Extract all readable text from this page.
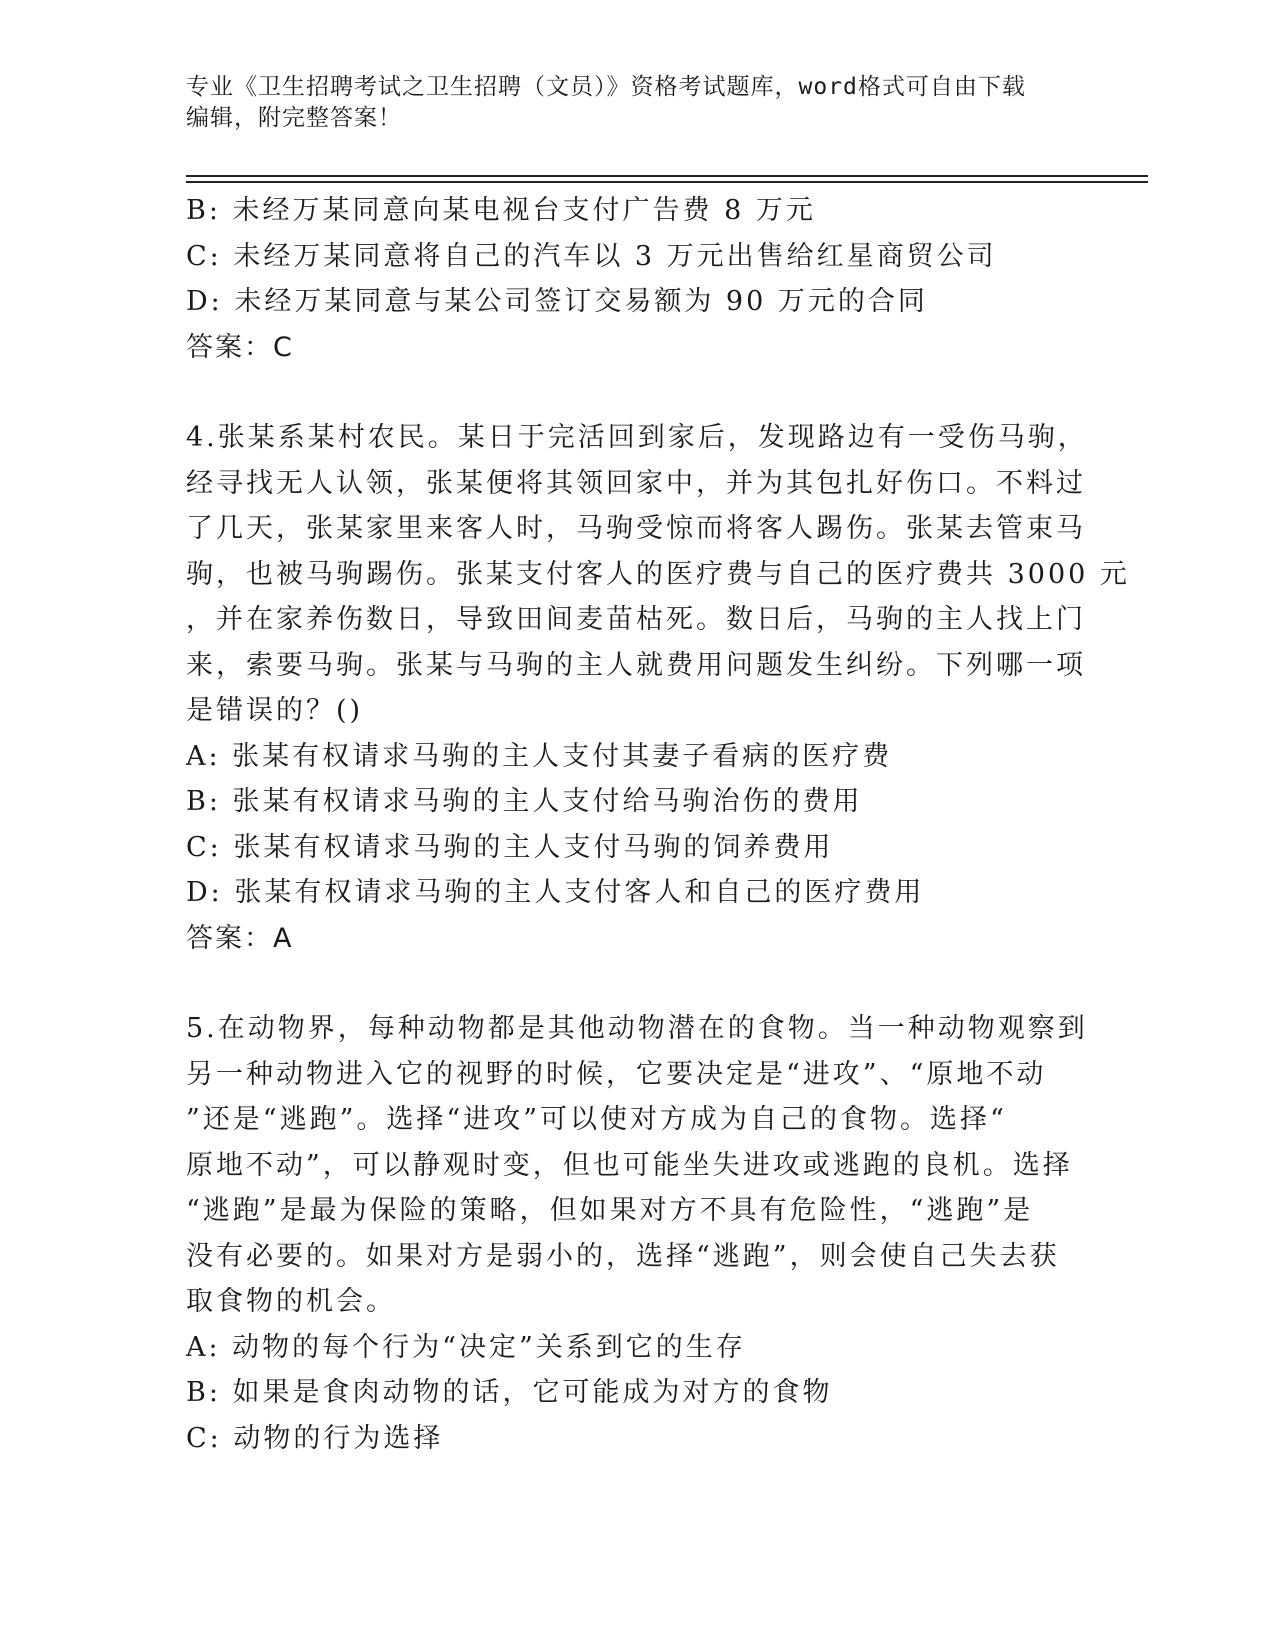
专业《卫生招聘考试之卫生招聘（文员）》资格考试题库，word格式可自由下载
编辑，附完整答案！
B: 未经万某同意向某电视台支付广告费 8 万元
C: 未经万某同意将自己的汽车以 3 万元出售给红星商贸公司
D: 未经万某同意与某公司签订交易额为 90 万元的合同
答案：C
4.张某系某村农民。某日于完活回到家后，发现路边有一受伤马驹，
经寻找无人认领，张某便将其领回家中，并为其包扎好伤口。不料过
了几天，张某家里来客人时，马驹受惊而将客人踢伤。张某去管束马
驹，也被马驹踢伤。张某支付客人的医疗费与自己的医疗费共 3000 元
，并在家养伤数日，导致田间麦苗枯死。数日后，马驹的主人找上门
来，索要马驹。张某与马驹的主人就费用问题发生纠纷。下列哪一项
是错误的？()
A: 张某有权请求马驹的主人支付其妻子看病的医疗费
B: 张某有权请求马驹的主人支付给马驹治伤的费用
C: 张某有权请求马驹的主人支付马驹的饲养费用
D: 张某有权请求马驹的主人支付客人和自己的医疗费用
答案：A
5.在动物界，每种动物都是其他动物潜在的食物。当一种动物观察到
另一种动物进入它的视野的时候，它要决定是“进攻”、“原地不动
”还是“逃跑”。选择“进攻”可以使对方成为自己的食物。选择“
原地不动”，可以静观时变，但也可能坐失进攻或逃跑的良机。选择
“逃跑”是最为保险的策略，但如果对方不具有危险性，“逃跑”是
没有必要的。如果对方是弱小的，选择“逃跑”，则会使自己失去获
取食物的机会。
A: 动物的每个行为“决定”关系到它的生存
B: 如果是食肉动物的话，它可能成为对方的食物
C: 动物的行为选择
